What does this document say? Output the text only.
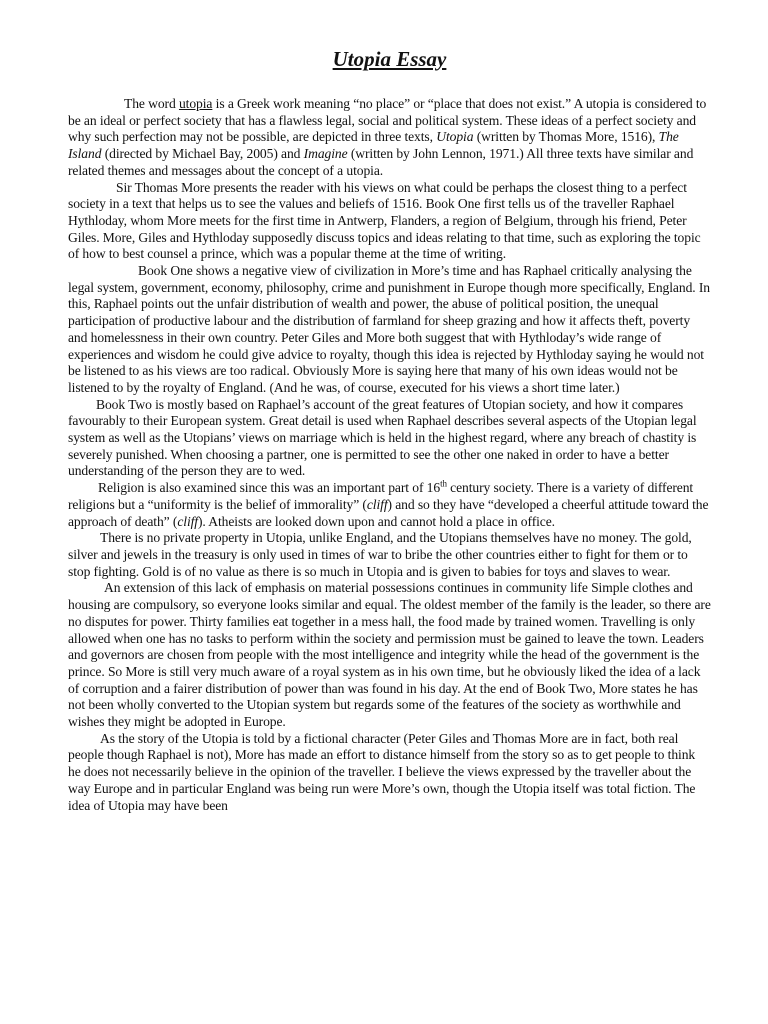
Utopia Essay

The word utopia is a Greek work meaning “no place” or “place that does not exist.” A utopia is considered to be an ideal or perfect society that has a flawless legal, social and political system. These ideas of a perfect society and why such perfection may not be possible, are depicted in three texts, Utopia (written by Thomas More, 1516), The Island (directed by Michael Bay, 2005) and Imagine (written by John Lennon, 1971.) All three texts have similar and related themes and messages about the concept of a utopia.

Sir Thomas More presents the reader with his views on what could be perhaps the closest thing to a perfect society in a text that helps us to see the values and beliefs of 1516. Book One first tells us of the traveller Raphael Hythloday, whom More meets for the first time in Antwerp, Flanders, a region of Belgium, through his friend, Peter Giles. More, Giles and Hythloday supposedly discuss topics and ideas relating to that time, such as exploring the topic of how to best counsel a prince, which was a popular theme at the time of writing.

Book One shows a negative view of civilization in More’s time and has Raphael critically analysing the legal system, government, economy, philosophy, crime and punishment in Europe though more specifically, England. In this, Raphael points out the unfair distribution of wealth and power, the abuse of political position, the unequal participation of productive labour and the distribution of farmland for sheep grazing and how it affects theft, poverty and homelessness in their own country. Peter Giles and More both suggest that with Hythloday’s wide range of experiences and wisdom he could give advice to royalty, though this idea is rejected by Hythloday saying he would not be listened to as his views are too radical. Obviously More is saying here that many of his own ideas would not be listened to by the royalty of England. (And he was, of course, executed for his views a short time later.)

Book Two is mostly based on Raphael’s account of the great features of Utopian society, and how it compares favourably to their European system. Great detail is used when Raphael describes several aspects of the Utopian legal system as well as the Utopians’ views on marriage which is held in the highest regard, where any breach of chastity is severely punished. When choosing a partner, one is permitted to see the other one naked in order to have a better understanding of the person they are to wed.

Religion is also examined since this was an important part of 16th century society. There is a variety of different religions but a “uniformity is the belief of immorality” (cliff) and so they have “developed a cheerful attitude toward the approach of death” (cliff). Atheists are looked down upon and cannot hold a place in office.

There is no private property in Utopia, unlike England, and the Utopians themselves have no money. The gold, silver and jewels in the treasury is only used in times of war to bribe the other countries either to fight for them or to stop fighting. Gold is of no value as there is so much in Utopia and is given to babies for toys and slaves to wear.

An extension of this lack of emphasis on material possessions continues in community life Simple clothes and housing are compulsory, so everyone looks similar and equal. The oldest member of the family is the leader, so there are no disputes for power. Thirty families eat together in a mess hall, the food made by trained women. Travelling is only allowed when one has no tasks to perform within the society and permission must be gained to leave the town. Leaders and governors are chosen from people with the most intelligence and integrity while the head of the government is the prince. So More is still very much aware of a royal system as in his own time, but he obviously liked the idea of a lack of corruption and a fairer distribution of power than was found in his day. At the end of Book Two, More states he has not been wholly converted to the Utopian system but regards some of the features of the society as worthwhile and wishes they might be adopted in Europe.

As the story of the Utopia is told by a fictional character (Peter Giles and Thomas More are in fact, both real people though Raphael is not), More has made an effort to distance himself from the story so as to get people to think he does not necessarily believe in the opinion of the traveller. I believe the views expressed by the traveller about the way Europe and in particular England was being run were More’s own, though the Utopia itself was total fiction. The idea of Utopia may have been
